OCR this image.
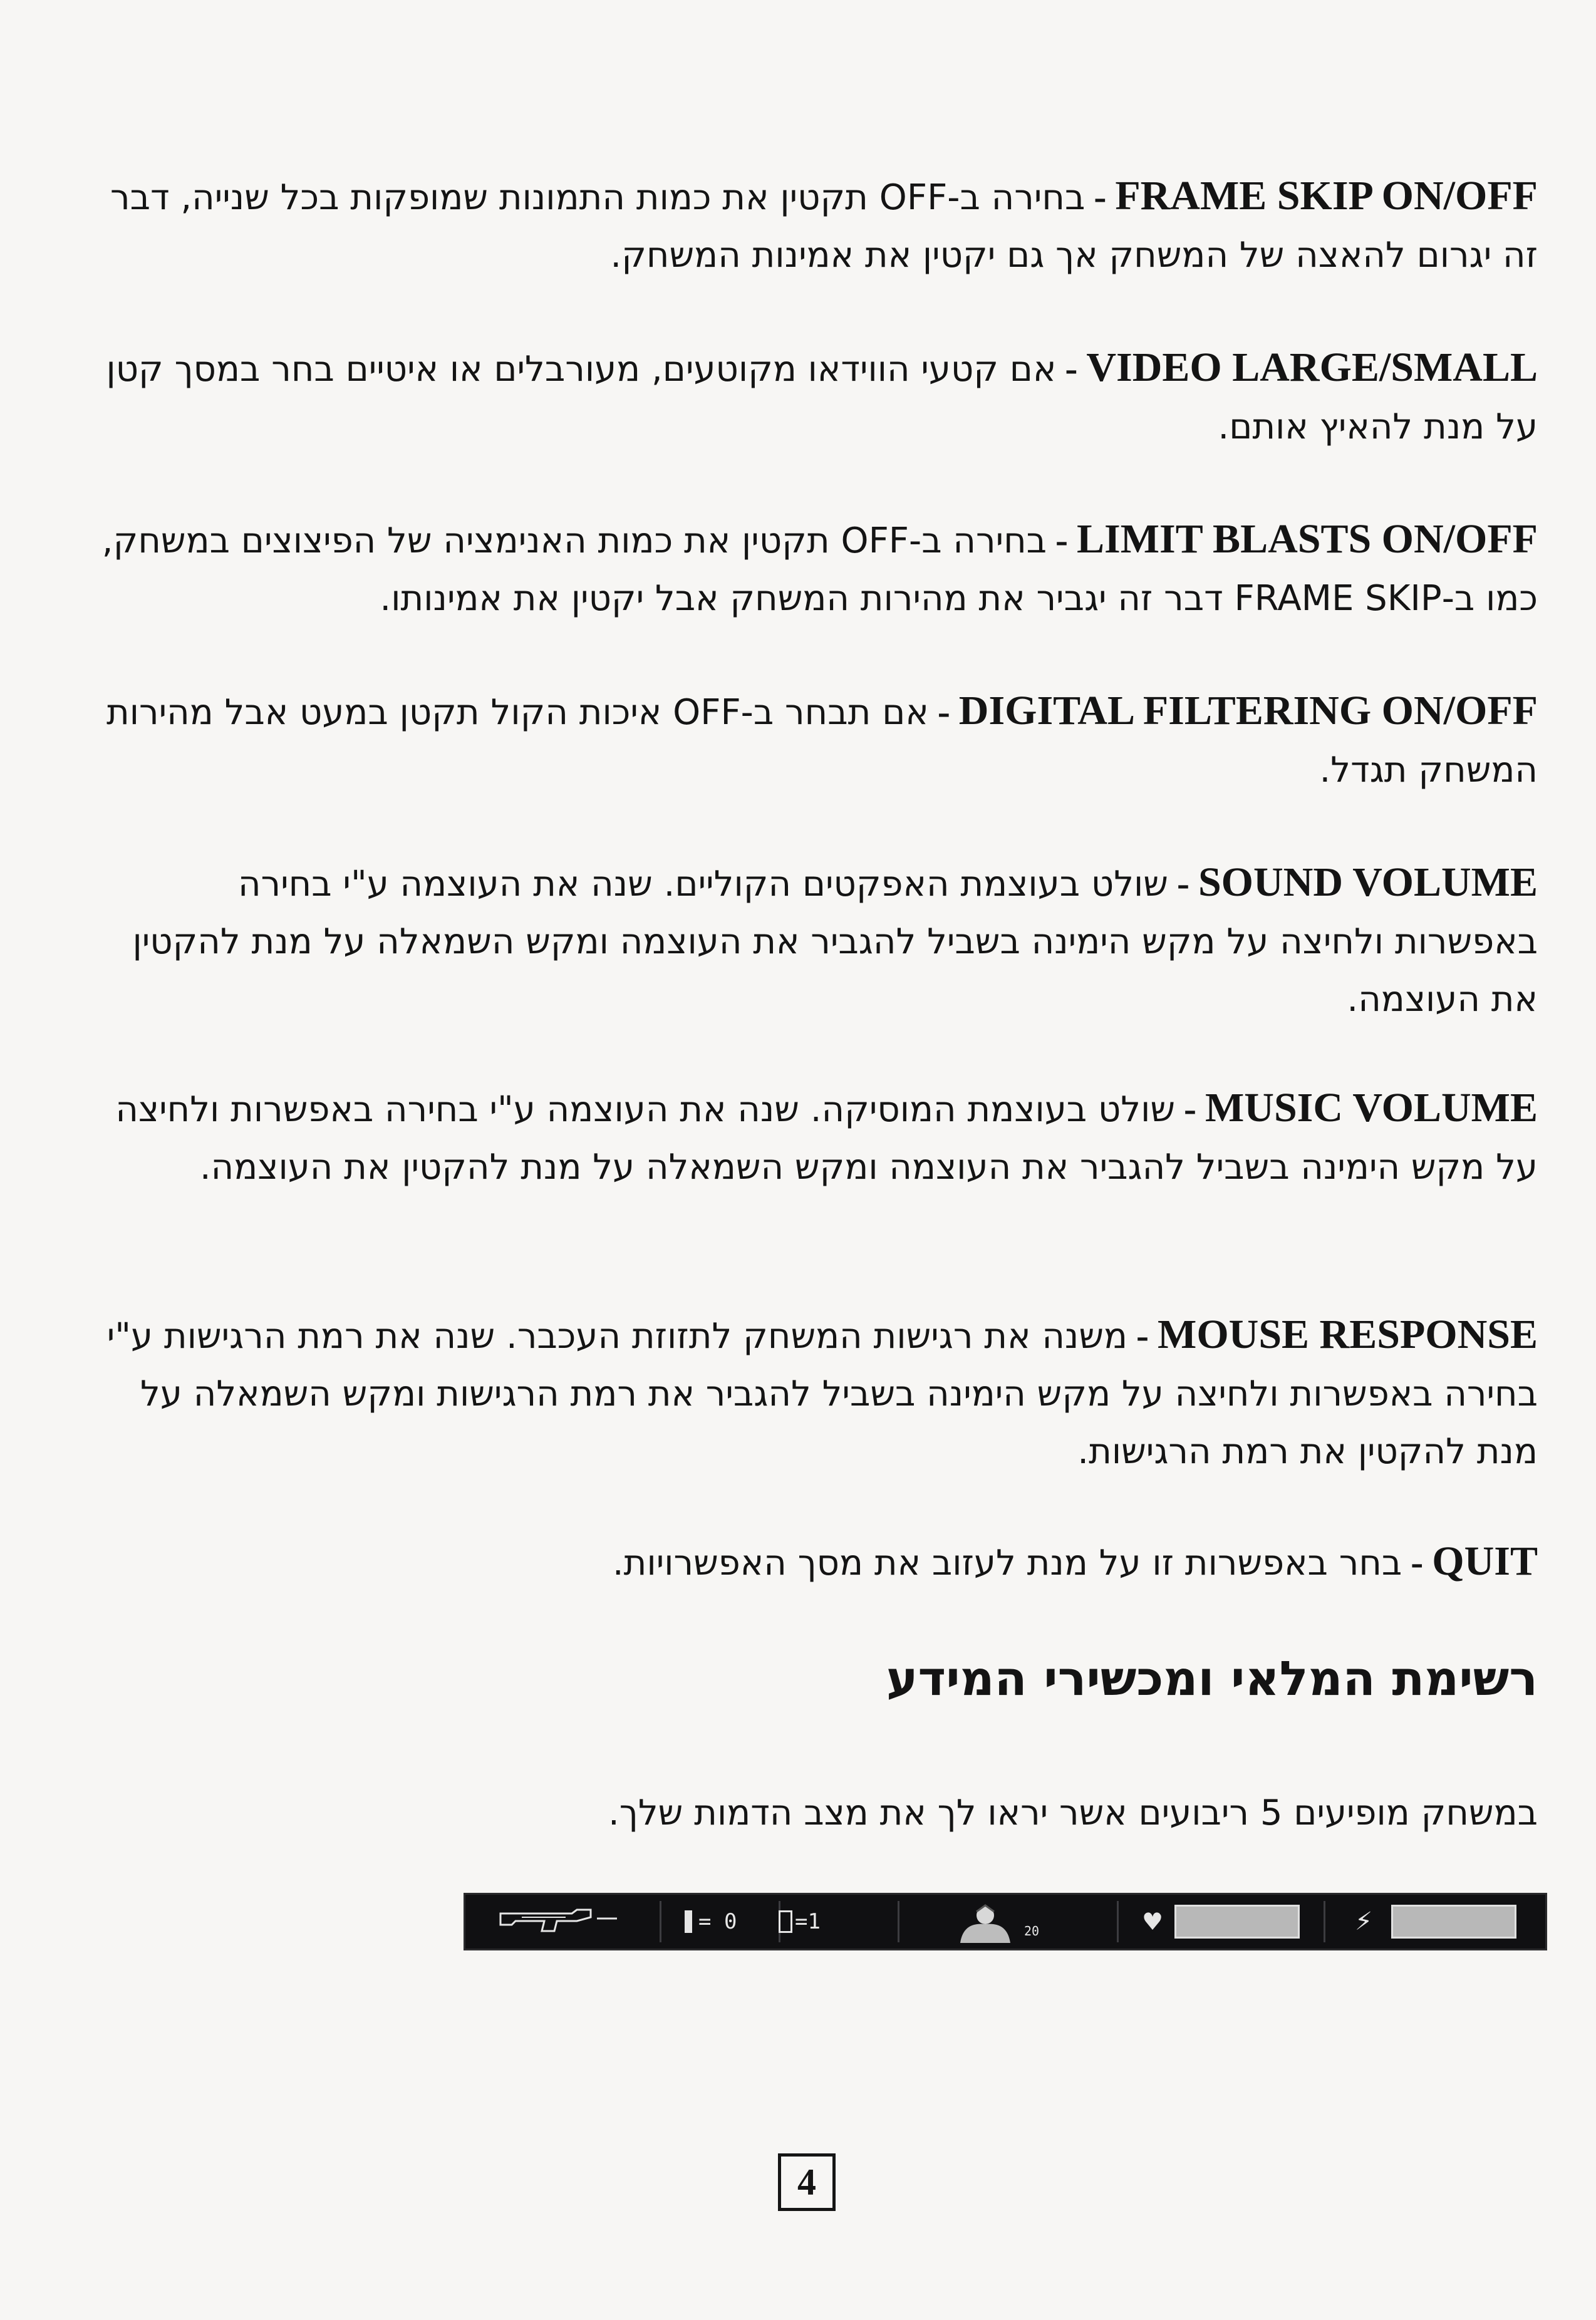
FRAME SKIP ON/OFF-בחירה ב-OFF תקטין את כמות התמונות שמופקות בכל שנייה, דבר זה יגרום להאצה של המשחק אך גם יקטין את אמינות המשחק.
VIDEO LARGE/SMALL-אם קטעי הווידאו מקוטעים, מעורבלים או איטיים בחר במסך קטן על מנת להאיץ אותם.
LIMIT BLASTS ON/OFF-בחירה ב-OFF תקטין את כמות האנימציה של הפיצוצים במשחק, כמו ב-FRAME SKIP דבר זה יגביר את מהירות המשחק אבל יקטין את אמינותו.
DIGITAL FILTERING ON/OFF-אם תבחר ב-OFF איכות הקול תקטן במעט אבל מהירות המשחק תגדל.
SOUND VOLUME-שולט בעוצמת האפקטים הקוליים. שנה את העוצמה ע"י בחירה באפשרות ולחיצה על מקש הימינה בשביל להגביר את העוצמה ומקש השמאלה על מנת להקטין את העוצמה.
MUSIC VOLUME-שולט בעוצמת המוסיקה. שנה את העוצמה ע"י בחירה באפשרות ולחיצה על מקש הימינה בשביל להגביר את העוצמה ומקש השמאלה על מנת להקטין את העוצמה.
MOUSE RESPONSE-משנה את רגישות המשחק לתזוזת העכבר. שנה את רמת הרגישות ע"י בחירה באפשרות ולחיצה על מקש הימינה בשביל להגביר את רמת הרגישות ומקש השמאלה על מנת להקטין את רמת הרגישות.
QUIT-בחר באפשרות זו על מנת לעזוב את מסך האפשרויות.
רשימת המלאי ומכשירי המידע
במשחק מופיעים 5 ריבועים אשר יראו לך את מצב הדמות שלך.
= 0	=1	20	♥	⚡
4
